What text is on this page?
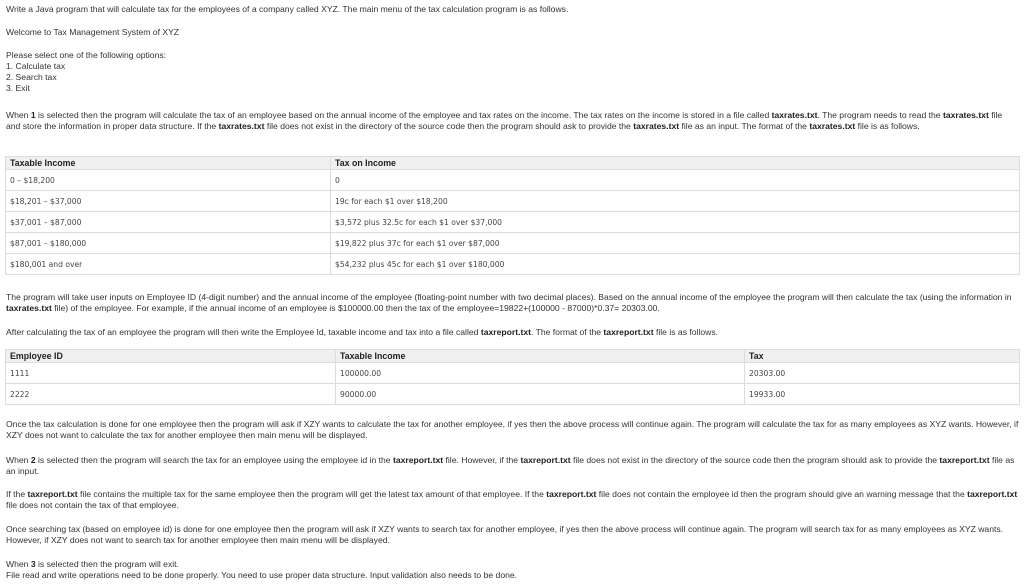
Write a Java program that will calculate tax for the employees of a company called XYZ. The main menu of the tax calculation program is as follows.
Welcome to Tax Management System of XYZ
Please select one of the following options:
1. Calculate tax
2. Search tax
3. Exit
When 1 is selected then the program will calculate the tax of an employee based on the annual income of the employee and tax rates on the income. The tax rates on the income is stored in a file called taxrates.txt. The program needs to read the taxrates.txt file and store the information in proper data structure. If the taxrates.txt file does not exist in the directory of the source code then the program should ask to provide the taxrates.txt file as an input. The format of the taxrates.txt file is as follows.
Taxable Income	Tax on Income
0 – $18,200	0
$18,201 – $37,000	19c for each $1 over $18,200
$37,001 – $87,000	$3,572 plus 32.5c for each $1 over $37,000
$87,001 – $180,000	$19,822 plus 37c for each $1 over $87,000
$180,001 and over	$54,232 plus 45c for each $1 over $180,000
The program will take user inputs on Employee ID (4-digit number) and the annual income of the employee (floating-point number with two decimal places). Based on the annual income of the employee the program will then calculate the tax (using the information in taxrates.txt file) of the employee. For example, if the annual income of an employee is $100000.00 then the tax of the employee=19822+(100000 - 87000)*0.37= 20303.00.
After calculating the tax of an employee the program will then write the Employee Id, taxable income and tax into a file called taxreport.txt. The format of the taxreport.txt file is as follows.
Employee ID	Taxable Income	Tax
1111	100000.00	20303.00
2222	90000.00	19933.00
Once the tax calculation is done for one employee then the program will ask if XZY wants to calculate the tax for another employee, if yes then the above process will continue again. The program will calculate the tax for as many employees as XYZ wants. However, if XZY does not want to calculate the tax for another employee then main menu will be displayed.
When 2 is selected then the program will search the tax for an employee using the employee id in the taxreport.txt file. However, if the taxreport.txt file does not exist in the directory of the source code then the program should ask to provide the taxreport.txt file as an input.
If the taxreport.txt file contains the multiple tax for the same employee then the program will get the latest tax amount of that employee. If the taxreport.txt file does not contain the employee id then the program should give an warning message that the taxreport.txt file does not contain the tax of that employee.
Once searching tax (based on employee id) is done for one employee then the program will ask if XZY wants to search tax for another employee, if yes then the above process will continue again. The program will search tax for as many employees as XYZ wants. However, if XZY does not want to search tax for another employee then main menu will be displayed.
When 3 is selected then the program will exit.
File read and write operations need to be done properly. You need to use proper data structure. Input validation also needs to be done.
